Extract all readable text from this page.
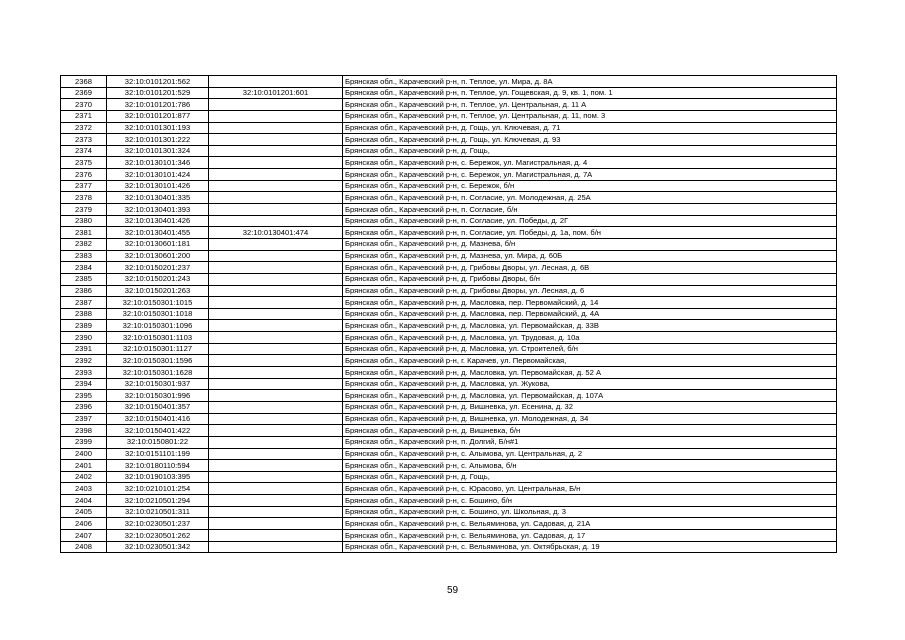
2368	32:10:0101201:562		Брянская обл., Карачевский р-н, п. Теплое, ул. Мира, д. 8А
2369	32:10:0101201:529	32:10:0101201:601	Брянская обл., Карачевский р-н, п. Теплое, ул. Гощевская, д. 9, кв. 1, пом. 1
2370	32:10:0101201:786		Брянская обл., Карачевский р-н, п. Теплое, ул. Центральная, д. 11 А
2371	32:10:0101201:877		Брянская обл., Карачевский р-н, п. Теплое, ул. Центральная, д. 11, пом. 3
2372	32:10:0101301:193		Брянская обл., Карачевский р-н, д. Гощь, ул. Ключевая, д. 71
2373	32:10:0101301:222		Брянская обл., Карачевский р-н, д. Гощь, ул. Ключевая, д. 93
2374	32:10:0101301:324		Брянская обл., Карачевский р-н, д. Гощь,
2375	32:10:0130101:346		Брянская обл., Карачевский р-н, с. Бережок, ул. Магистральная, д. 4
2376	32:10:0130101:424		Брянская обл., Карачевский р-н, с. Бережок, ул. Магистральная, д. 7А
2377	32:10:0130101:426		Брянская обл., Карачевский р-н, с. Бережок, б/н
2378	32:10:0130401:335		Брянская обл., Карачевский р-н, п. Согласие, ул. Молодежная, д. 25А
2379	32:10:0130401:393		Брянская обл., Карачевский р-н, п. Согласие, б/н
2380	32:10:0130401:426		Брянская обл., Карачевский р-н, п. Согласие, ул. Победы, д. 2Г
2381	32:10:0130401:455	32:10:0130401:474	Брянская обл., Карачевский р-н, п. Согласие, ул. Победы, д. 1а, пом. б/н
2382	32:10:0130601:181		Брянская обл., Карачевский р-н, д. Мазнева, б/н
2383	32:10:0130601:200		Брянская обл., Карачевский р-н, д. Мазнева, ул. Мира, д. 60Б
2384	32:10:0150201:237		Брянская обл., Карачевский р-н, д. Грибовы Дворы, ул. Лесная, д. 6В
2385	32:10:0150201:243		Брянская обл., Карачевский р-н, д. Грибовы Дворы, б/н
2386	32:10:0150201:263		Брянская обл., Карачевский р-н, д. Грибовы Дворы, ул. Лесная, д. 6
2387	32:10:0150301:1015		Брянская обл., Карачевский р-н, д. Масловка, пер. Первомайский, д. 14
2388	32:10:0150301:1018		Брянская обл., Карачевский р-н, д. Масловка, пер. Первомайский, д. 4А
2389	32:10:0150301:1096		Брянская обл., Карачевский р-н, д. Масловка, ул. Первомайская, д. 33В
2390	32:10:0150301:1103		Брянская обл., Карачевский р-н, д. Масловка, ул. Трудовая, д. 10а
2391	32:10:0150301:1127		Брянская обл., Карачевский р-н, д. Масловка, ул. Строителей, б/н
2392	32:10:0150301:1596		Брянская обл., Карачевский р-н, г. Карачев, ул. Первомайская,
2393	32:10:0150301:1628		Брянская обл., Карачевский р-н, д. Масловка, ул. Первомайская, д. 52 А
2394	32:10:0150301:937		Брянская обл., Карачевский р-н, д. Масловка, ул. Жукова,
2395	32:10:0150301:996		Брянская обл., Карачевский р-н, д. Масловка, ул. Первомайская, д. 107А
2396	32:10:0150401:357		Брянская обл., Карачевский р-н, д. Вишневка, ул. Есенина, д. 32
2397	32:10:0150401:416		Брянская обл., Карачевский р-н, д. Вишневка, ул. Молодежная, д. 34
2398	32:10:0150401:422		Брянская обл., Карачевский р-н, д. Вишневка, б/н
2399	32:10:0150801:22		Брянская обл., Карачевский р-н, п. Долгий, Б/н#1
2400	32:10:0151101:199		Брянская обл., Карачевский р-н, с. Алымова, ул. Центральная, д. 2
2401	32:10:0180110:594		Брянская обл., Карачевский р-н, с. Алымова, б/н
2402	32:10:0190103:395		Брянская обл., Карачевский р-н, д. Гощь,
2403	32:10:0210101:254		Брянская обл., Карачевский р-н, с. Юрасово, ул. Центральная, Б/н
2404	32:10:0210501:294		Брянская обл., Карачевский р-н, с. Бошино, б/н
2405	32:10:0210501:311		Брянская обл., Карачевский р-н, с. Бошино, ул. Школьная, д. 3
2406	32:10:0230501:237		Брянская обл., Карачевский р-н, с. Вельяминова, ул. Садовая, д. 21А
2407	32:10:0230501:262		Брянская обл., Карачевский р-н, с. Вельяминова, ул. Садовая, д. 17
2408	32:10:0230501:342		Брянская обл., Карачевский р-н, с. Вельяминова, ул. Октябрьская, д. 19
59
